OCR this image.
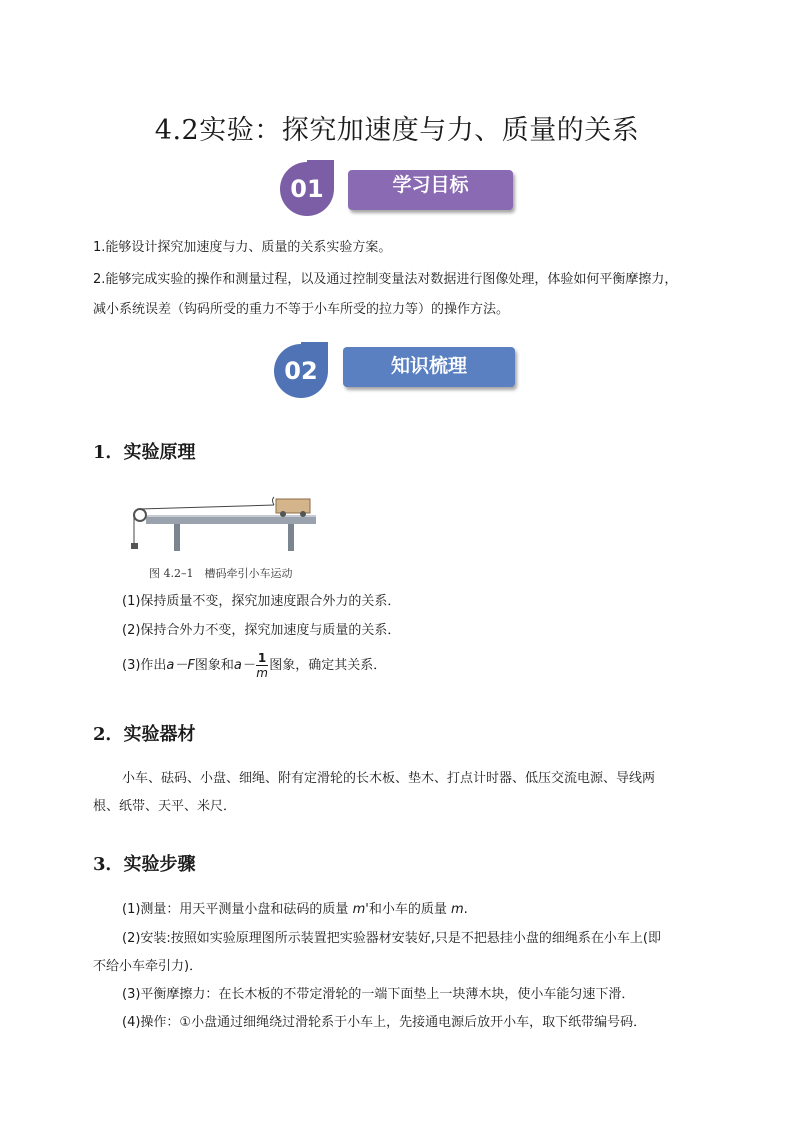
4.2实验：探究加速度与力、质量的关系
01	学习目标
1.能够设计探究加速度与力、质量的关系实验方案。
2.能够完成实验的操作和测量过程，以及通过控制变量法对数据进行图像处理，体验如何平衡摩擦力，
减小系统误差（钩码所受的重力不等于小车所受的拉力等）的操作方法。
02	知识梳理
1．实验原理
图 4.2–1　槽码牵引小车运动
(1)保持质量不变，探究加速度跟合外力的关系．
(2)保持合外力不变，探究加速度与质量的关系．
(3)作出a－F图象和$a- \frac{1}{m}$ 图象，确定其关系．
2．实验器材
小车、砝码、小盘、细绳、附有定滑轮的长木板、垫木、打点计时器、低压交流电源、导线两
根、纸带、天平、米尺．
3．实验步骤
(1)测量：用天平测量小盘和砝码的质量 m'和小车的质量 m.
(2)安装:按照如实验原理图所示装置把实验器材安装好,只是不把悬挂小盘的细绳系在小车上(即
不给小车牵引力)．
(3)平衡摩擦力：在长木板的不带定滑轮的一端下面垫上一块薄木块，使小车能匀速下滑．
(4)操作：①小盘通过细绳绕过滑轮系于小车上，先接通电源后放开小车，取下纸带编号码．
